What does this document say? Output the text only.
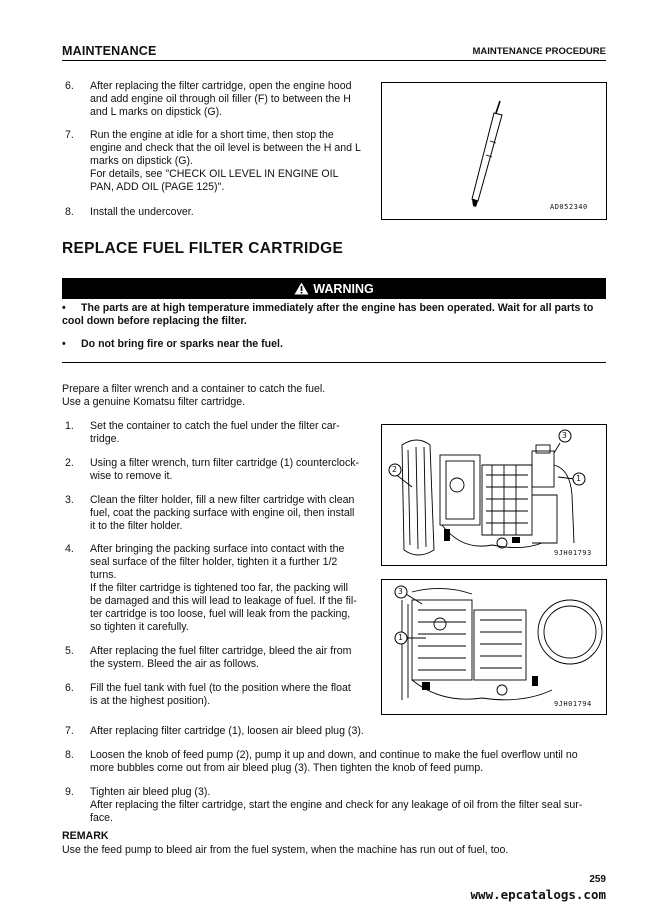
MAINTENANCE	MAINTENANCE PROCEDURE
6. After replacing the filter cartridge, open the engine hood
and add engine oil through oil filler (F) to between the H
and L marks on dipstick (G).
7. Run the engine at idle for a short time, then stop the
engine and check that the oil level is between the H and L
marks on dipstick (G).
For details, see "CHECK OIL LEVEL IN ENGINE OIL
PAN, ADD OIL (PAGE 125)".
8. Install the undercover.	AD052340
REPLACE FUEL FILTER CARTRIDGE
WARNING
• The parts are at high temperature immediately after the engine has been operated. Wait for all parts to
cool down before replacing the filter.
• Do not bring fire or sparks near the fuel.
Prepare a filter wrench and a container to catch the fuel.
Use a genuine Komatsu filter cartridge.
1. Set the container to catch the fuel under the filter car-
tridge.
2. Using a filter wrench, turn filter cartridge (1) counterclock-
wise to remove it.
3. Clean the filter holder, fill a new filter cartridge with clean
fuel, coat the packing surface with engine oil, then install
it to the filter holder.
4. After bringing the packing surface into contact with the
seal surface of the filter holder, tighten it a further 1/2
turns.
If the filter cartridge is tightened too far, the packing will
be damaged and this will lead to leakage of fuel. If the fil-
ter cartridge is too loose, fuel will leak from the packing,
so tighten it carefully.
5. After replacing the fuel filter cartridge, bleed the air from
the system. Bleed the air as follows.
6. Fill the fuel tank with fuel (to the position where the float
is at the highest position).
7. After replacing filter cartridge (1), loosen air bleed plug (3).
8. Loosen the knob of feed pump (2), pump it up and down, and continue to make the fuel overflow until no
more bubbles come out from air bleed plug (3). Then tighten the knob of feed pump.
9. Tighten air bleed plug (3).
After replacing the filter cartridge, start the engine and check for any leakage of oil from the filter seal sur-
face.
3
2
1
9JH01793
3
1
9JH01794
REMARK
Use the feed pump to bleed air from the fuel system, when the machine has run out of fuel, too.
259
www.epcatalogs.com
